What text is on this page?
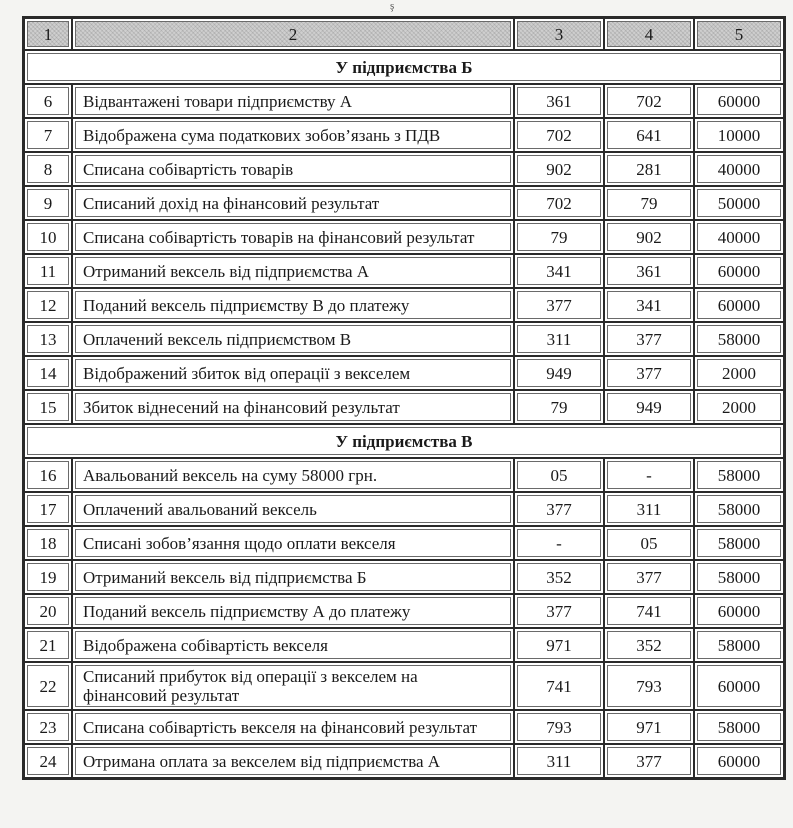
ş
1	2	3	4	5
У підприємства Б				
6	Відвантажені товари підприємству А	361	702	60000
7	Відображена сума податкових зобов’язань з ПДВ	702	641	10000
8	Списана собівартість товарів	902	281	40000
9	Списаний дохід на фінансовий результат	702	79	50000
10	Списана собівартість товарів на фінансовий результат	79	902	40000
11	Отриманий вексель від підприємства А	341	361	60000
12	Поданий вексель підприємству В до платежу	377	341	60000
13	Оплачений вексель підприємством В	311	377	58000
14	Відображений збиток від операції з векселем	949	377	2000
15	Збиток віднесений на фінансовий результат	79	949	2000
У підприємства В				
16	Авальований вексель на суму 58000 грн.	05	-	58000
17	Оплачений авальований вексель	377	311	58000
18	Списані зобов’язання щодо оплати векселя	-	05	58000
19	Отриманий вексель від підприємства Б	352	377	58000
20	Поданий вексель підприємству А до платежу	377	741	60000
21	Відображена собівартість векселя	971	352	58000
22	Списаний прибуток від операції з векселем на фінансовий результат	741	793	60000
23	Списана собівартість векселя на фінансовий результат	793	971	58000
24	Отримана оплата за векселем від підприємства А	311	377	60000
